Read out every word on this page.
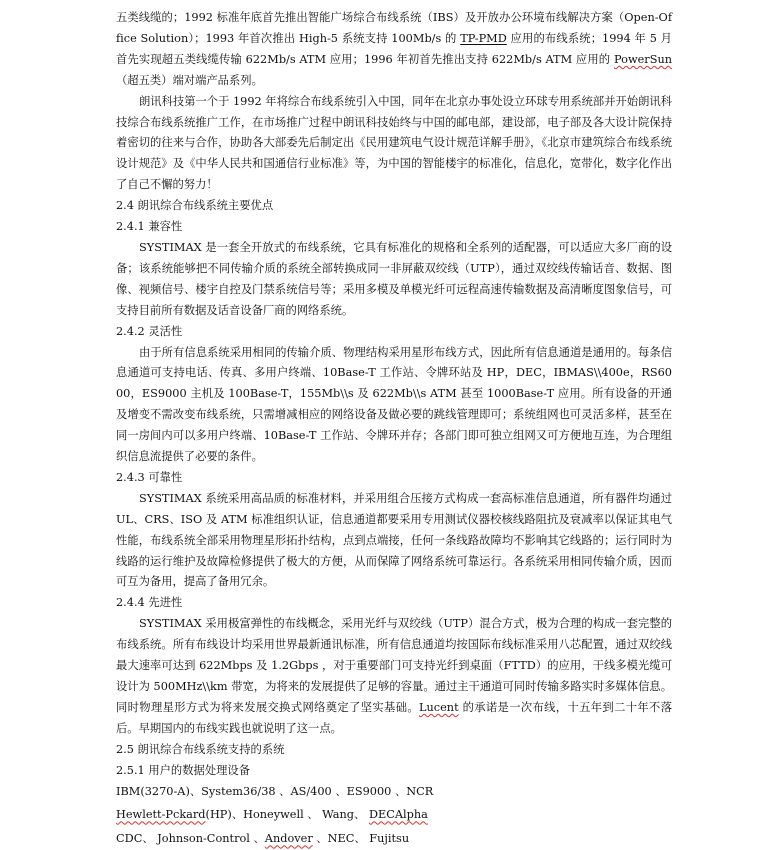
五类线缆的；1992 标准年底首先推出智能广场综合布线系统（IBS）及开放办公环境布线解决方案（Open-Office Solution）；1993 年首次推出 High-5 系统支持 100Mb/s 的 TP-PMD 应用的布线系统；1994 年 5 月首先实现超五类线缆传输 622Mb/s ATM 应用；1996 年初首先推出支持 622Mb/s ATM 应用的 PowerSun（超五类）端对端产品系列。

朗讯科技第一个于 1992 年将综合布线系统引入中国，同年在北京办事处设立环球专用系统部并开始朗讯科技综合布线系统推广工作，在市场推广过程中朗讯科技始终与中国的邮电部，建设部，电子部及各大设计院保持着密切的往来与合作，协助各大部委先后制定出《民用建筑电气设计规范详解手册》，《北京市建筑综合布线系统设计规范》及《中华人民共和国通信行业标准》等，为中国的智能楼宇的标准化，信息化，宽带化，数字化作出了自己不懈的努力！

2.4 朗讯综合布线系统主要优点

2.4.1 兼容性

SYSTIMAX 是一套全开放式的布线系统，它具有标准化的规格和全系列的适配器，可以适应大多厂商的设备；该系统能够把不同传输介质的系统全部转换成同一非屏蔽双绞线（UTP），通过双绞线传输话音、数据、图像、视频信号、楼宇自控及门禁系统信号等；采用多模及单模光纤可远程高速传输数据及高清晰度图象信号，可支持目前所有数据及话音设备厂商的网络系统。

2.4.2 灵活性

由于所有信息系统采用相同的传输介质、物理结构采用星形布线方式，因此所有信息通道是通用的。每条信息通道可支持电话、传真、多用户终端、10Base-T 工作站、令牌环站及 HP，DEC，IBMAS\\400e，RS6000，ES9000 主机及 100Base-T，155Mb\\s 及 622Mb\\s ATM 甚至 1000Base-T 应用。所有设备的开通及增变不需改变布线系统，只需增减相应的网络设备及做必要的跳线管理即可；系统组网也可灵活多样，甚至在同一房间内可以多用户终端、10Base-T 工作站、令牌环并存；各部门即可独立组网又可方便地互连，为合理组织信息流提供了必要的条件。

2.4.3 可靠性

SYSTIMAX 系统采用高品质的标准材料，并采用组合压接方式构成一套高标准信息通道，所有器件均通过 UL、CRS、ISO 及 ATM 标准组织认证，信息通道都要采用专用测试仪器校核线路阻抗及衰减率以保证其电气性能，布线系统全部采用物理星形拓扑结构，点到点端接，任何一条线路故障均不影响其它线路的；运行同时为线路的运行维护及故障检修提供了极大的方便，从而保障了网络系统可靠运行。各系统采用相同传输介质，因而可互为备用，提高了备用冗余。

2.4.4 先进性

SYSTIMAX 采用极富弹性的布线概念，采用光纤与双绞线（UTP）混合方式，极为合理的构成一套完整的布线系统。所有布线设计均采用世界最新通讯标准，所有信息通道均按国际布线标准采用八芯配置，通过双绞线最大速率可达到 622Mbps 及 1.2Gbps ，对于重要部门可支持光纤到桌面（FTTD）的应用，干线多模光缆可设计为 500MHz\\km 带宽，为将来的发展提供了足够的容量。通过主干通道可同时传输多路实时多媒体信息。同时物理星形方式为将来发展交换式网络奠定了坚实基础。Lucent 的承诺是一次布线，十五年到二十年不落后。早期国内的布线实践也就说明了这一点。

2.5 朗讯综合布线系统支持的系统

2.5.1 用户的数据处理设备

IBM(3270-A)、System36/38 、AS/400 、ES9000 、NCR

Hewlett-Pckard(HP)、Honeywell 、 Wang、 DECAlpha

CDC、 Johnson-Control 、Andover 、NEC、 Fujitsu
